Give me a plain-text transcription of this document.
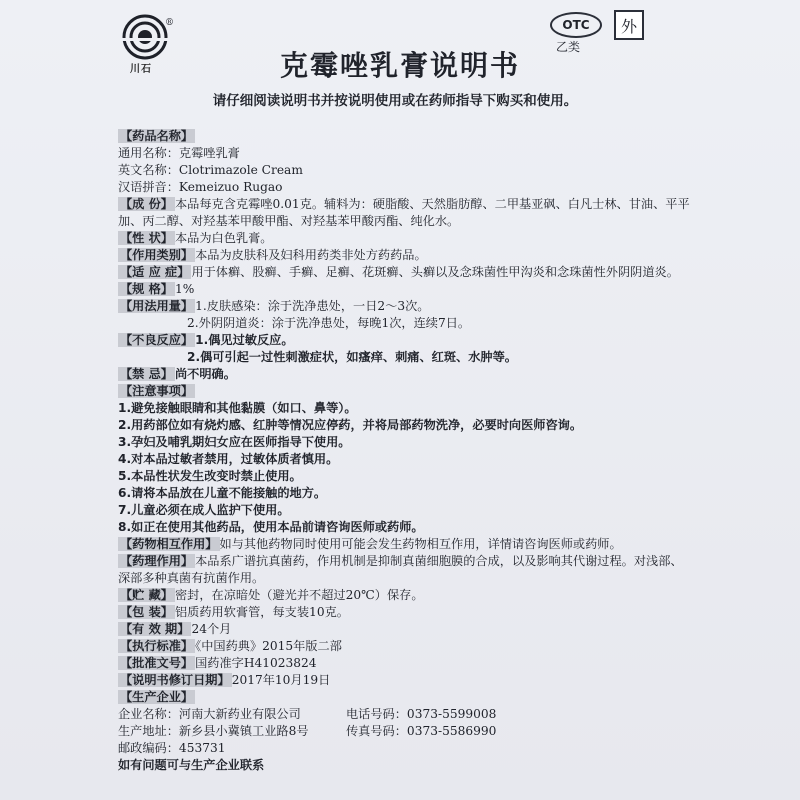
®
川石
OTC
乙类
外
克霉唑乳膏说明书
请仔细阅读说明书并按说明使用或在药师指导下购买和使用。
【药品名称】
通用名称：克霉唑乳膏
英文名称：Clotrimazole Cream
汉语拼音：Kemeizuo Rugao
【成 份】 本品每克含克霉唑0.01克。辅料为：硬脂酸、天然脂肪醇、二甲基亚砜、白凡士林、甘油、平平加、丙二醇、对羟基苯甲酸甲酯、对羟基苯甲酸丙酯、纯化水。
【性 状】 本品为白色乳膏。
【作用类别】 本品为皮肤科及妇科用药类非处方药药品。
【适 应 症】 用于体癣、股癣、手癣、足癣、花斑癣、头癣以及念珠菌性甲沟炎和念珠菌性外阴阴道炎。
【规 格】 1%
【用法用量】 1.皮肤感染：涂于洗净患处，一日2～3次。
2.外阴阴道炎：涂于洗净患处，每晚1次，连续7日。
【不良反应】 1.偶见过敏反应。
2.偶可引起一过性刺激症状，如瘙痒、刺痛、红斑、水肿等。
【禁 忌】 尚不明确。
【注意事项】
1.避免接触眼睛和其他黏膜（如口、鼻等）。
2.用药部位如有烧灼感、红肿等情况应停药，并将局部药物洗净，必要时向医师咨询。
3.孕妇及哺乳期妇女应在医师指导下使用。
4.对本品过敏者禁用，过敏体质者慎用。
5.本品性状发生改变时禁止使用。
6.请将本品放在儿童不能接触的地方。
7.儿童必须在成人监护下使用。
8.如正在使用其他药品，使用本品前请咨询医师或药师。
【药物相互作用】 如与其他药物同时使用可能会发生药物相互作用，详情请咨询医师或药师。
【药理作用】 本品系广谱抗真菌药，作用机制是抑制真菌细胞膜的合成，以及影响其代谢过程。对浅部、深部多种真菌有抗菌作用。
【贮 藏】 密封，在凉暗处（避光并不超过20℃）保存。
【包 装】 铝质药用软膏管，每支装10克。
【有 效 期】 24个月
【执行标准】 《中国药典》2015年版二部
【批准文号】 国药准字H41023824
【说明书修订日期】 2017年10月19日
【生产企业】
企业名称：河南大新药业有限公司	电话号码：0373-5599008
生产地址：新乡县小冀镇工业路8号	传真号码：0373-5586990
邮政编码：453731
如有问题可与生产企业联系
